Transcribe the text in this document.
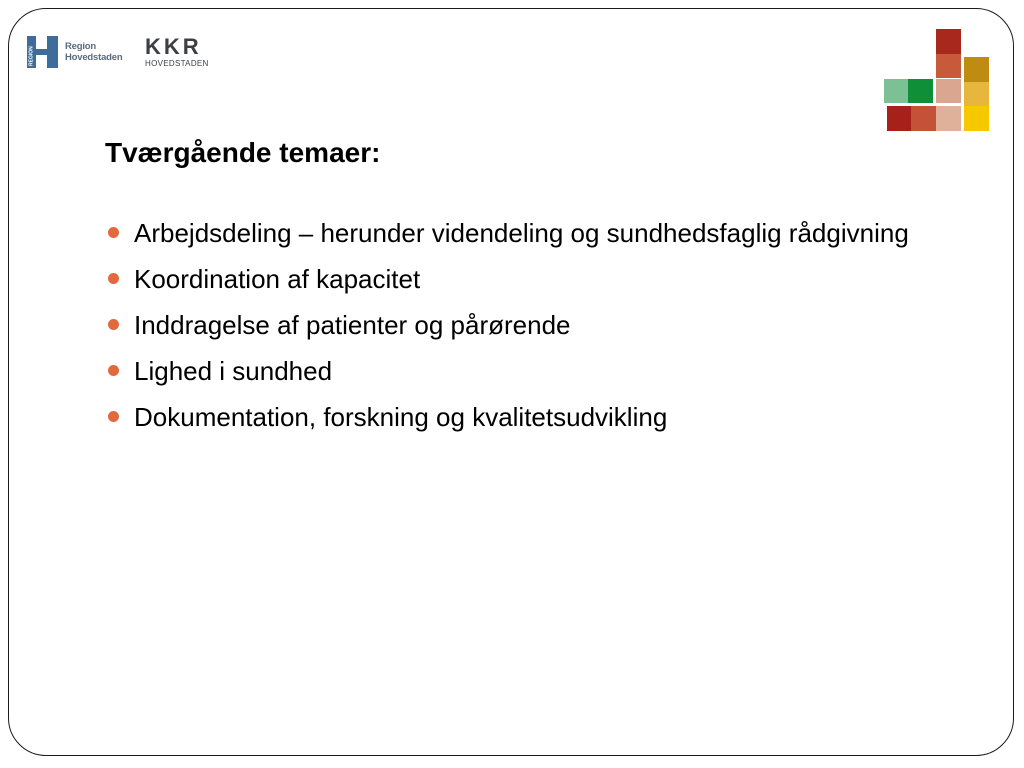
REGION	Region
Hovedstaden KKR
HOVEDSTADEN
Tværgående temaer:
Arbejdsdeling – herunder videndeling og sundhedsfaglig rådgivning
Koordination af kapacitet
Inddragelse af patienter og pårørende
Lighed i sundhed
Dokumentation, forskning og kvalitetsudvikling
